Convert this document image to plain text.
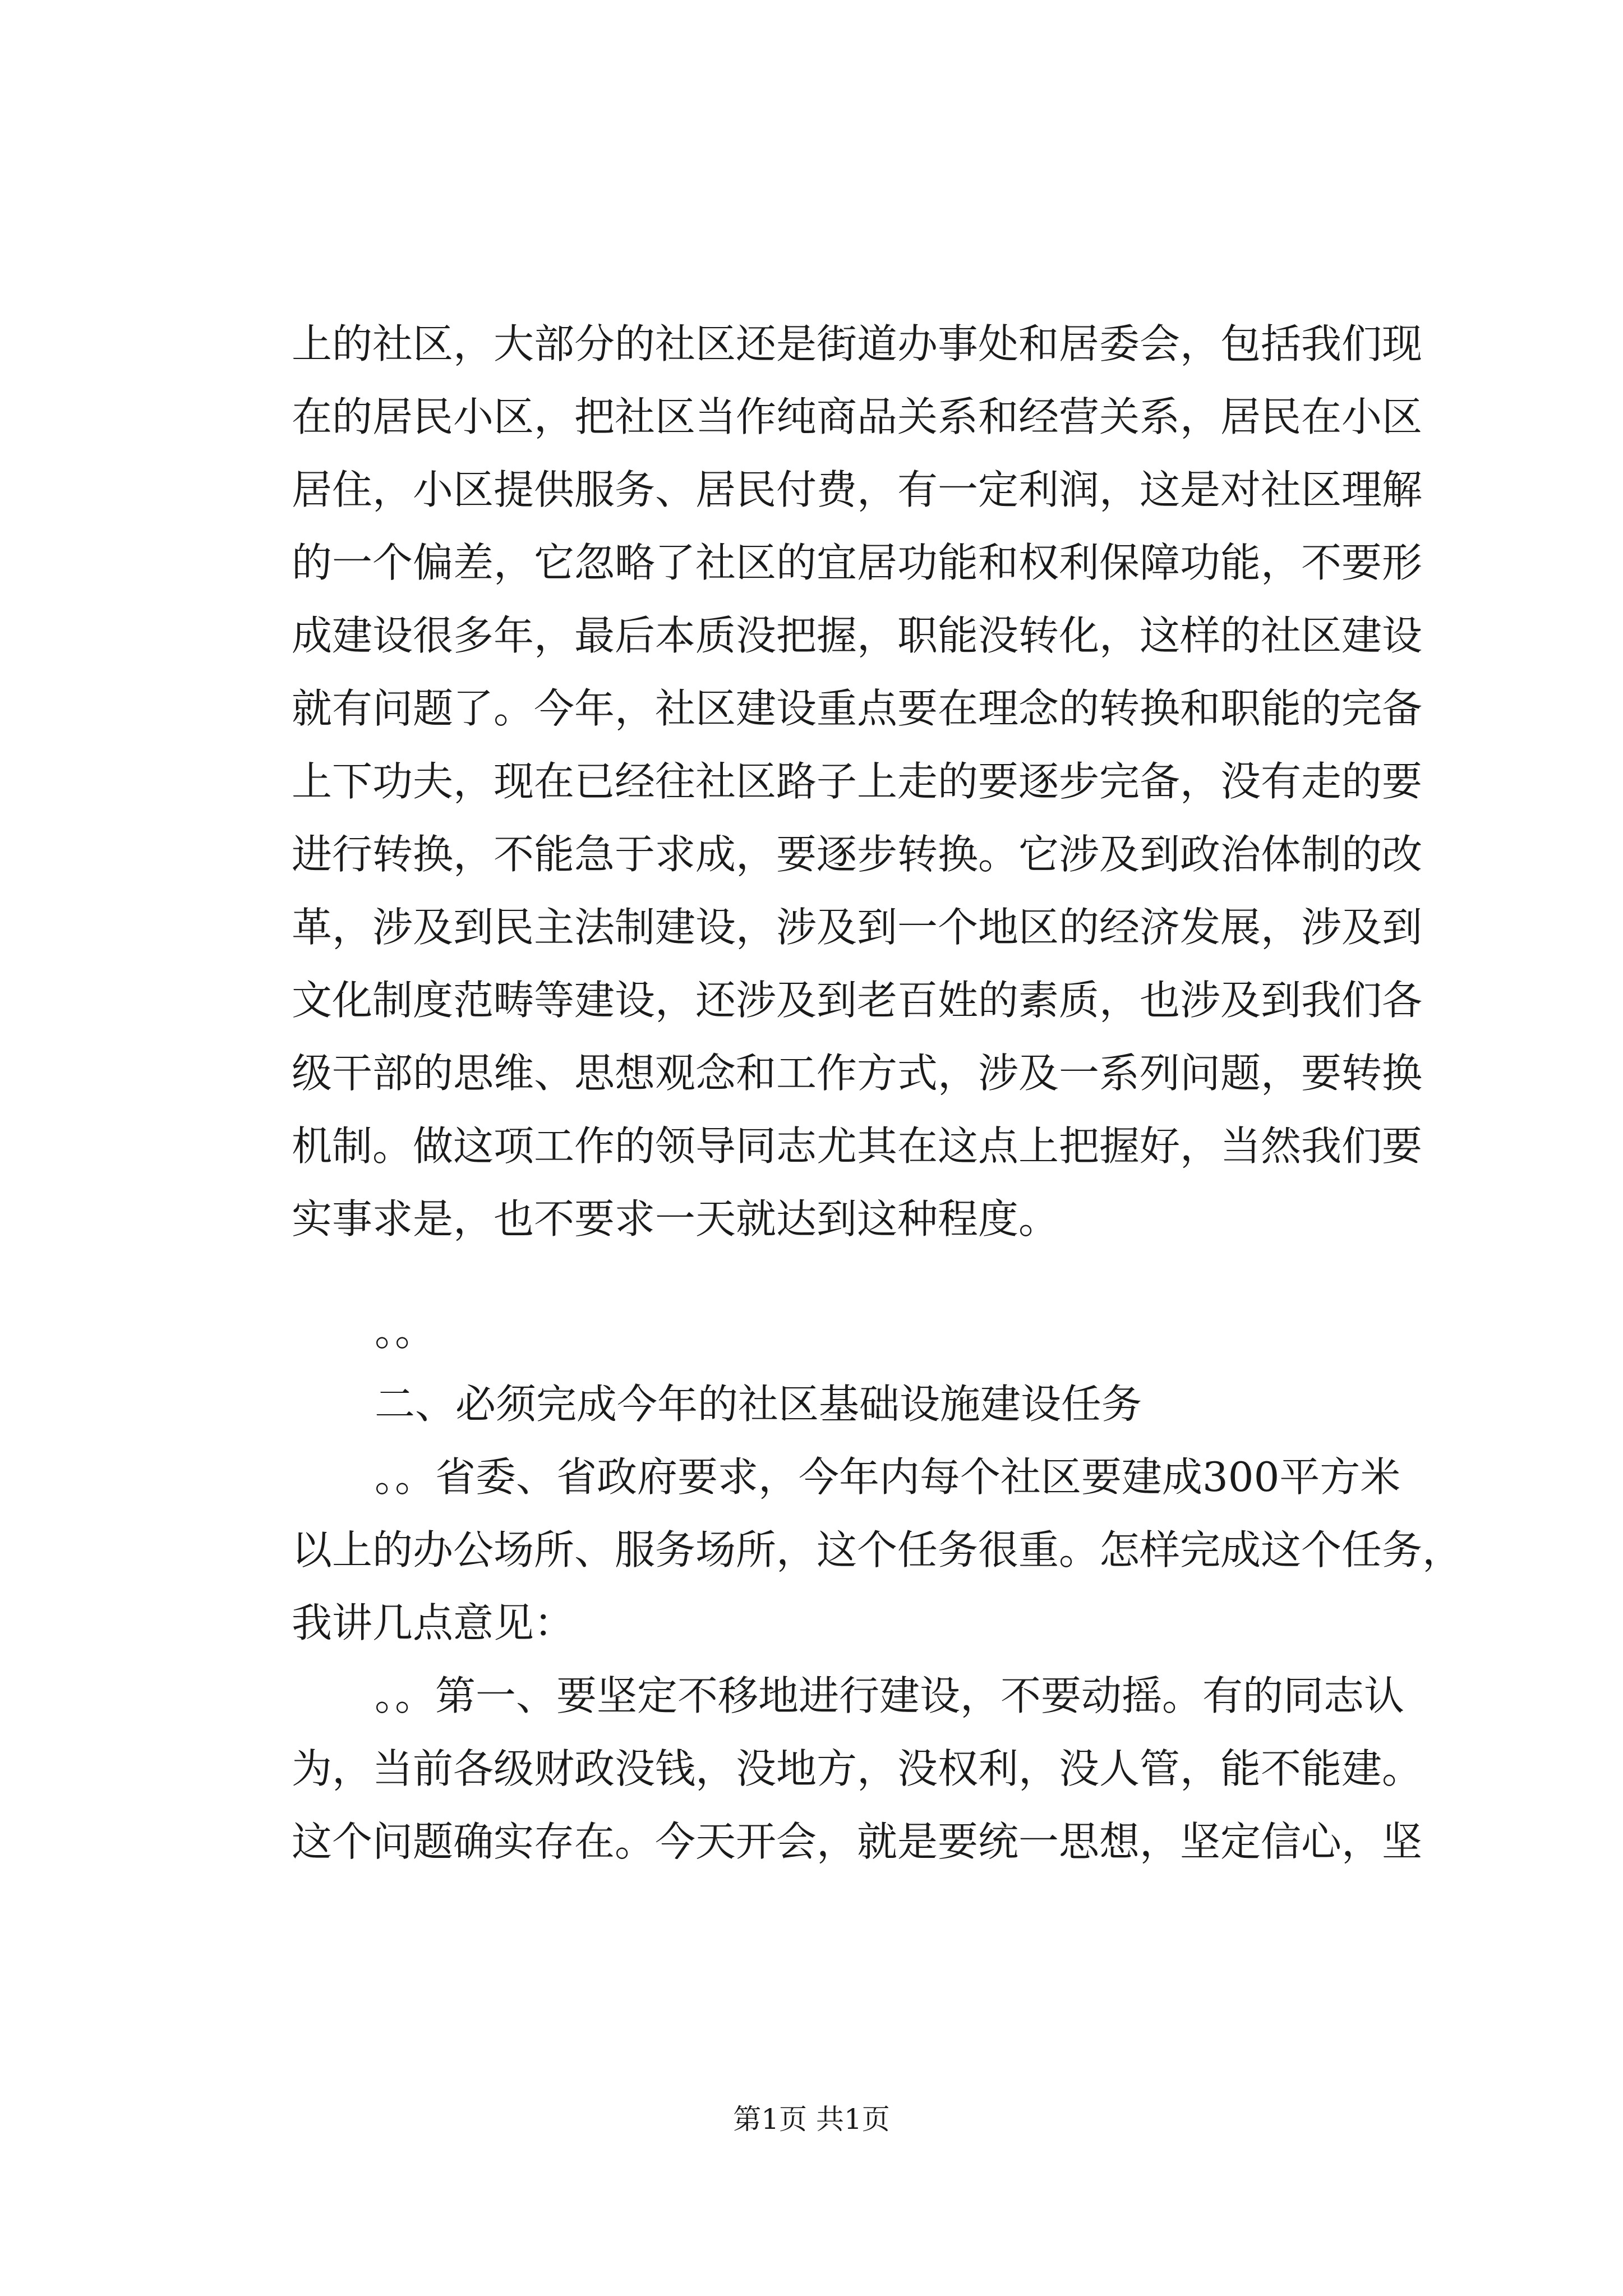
上的社区，大部分的社区还是街道办事处和居委会，包括我们现
在的居民小区，把社区当作纯商品关系和经营关系，居民在小区
居住，小区提供服务、居民付费，有一定利润，这是对社区理解
的一个偏差，它忽略了社区的宜居功能和权利保障功能，不要形
成建设很多年，最后本质没把握，职能没转化，这样的社区建设
就有问题了。今年，社区建设重点要在理念的转换和职能的完备
上下功夫，现在已经往社区路子上走的要逐步完备，没有走的要
进行转换，不能急于求成，要逐步转换。它涉及到政治体制的改
革，涉及到民主法制建设，涉及到一个地区的经济发展，涉及到
文化制度范畴等建设，还涉及到老百姓的素质，也涉及到我们各
级干部的思维、思想观念和工作方式，涉及一系列问题，要转换
机制。做这项工作的领导同志尤其在这点上把握好，当然我们要
实事求是，也不要求一天就达到这种程度。
。。
二、必须完成今年的社区基础设施建设任务
。。省委、省政府要求，今年内每个社区要建成300平方米
以上的办公场所、服务场所，这个任务很重。怎样完成这个任务，
我讲几点意见：
。。第一、要坚定不移地进行建设，不要动摇。有的同志认
为，当前各级财政没钱，没地方，没权利，没人管，能不能建。
这个问题确实存在。今天开会，就是要统一思想，坚定信心，坚
第1页 共1页
